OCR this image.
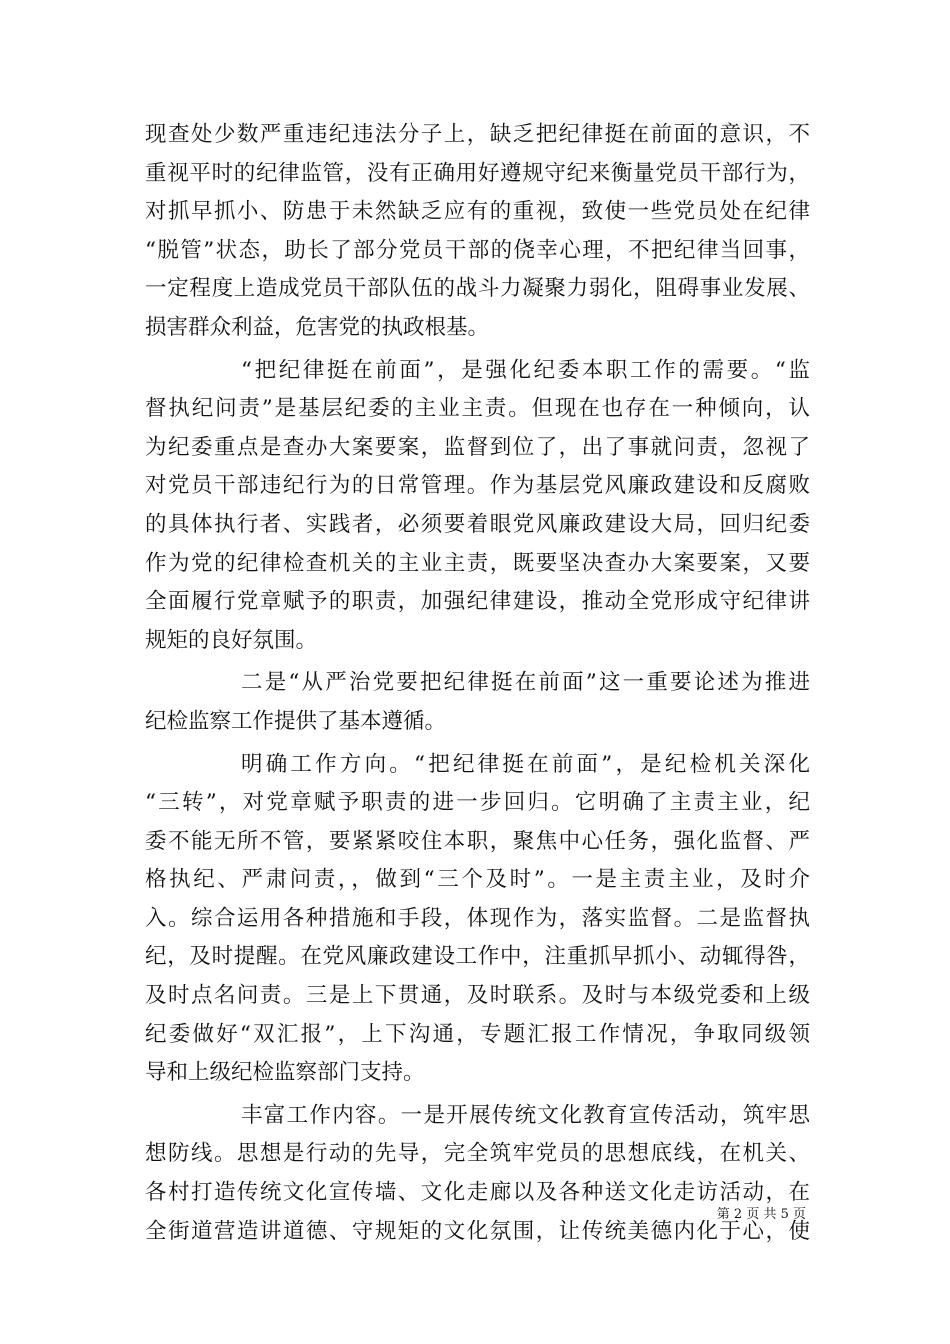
现查处少数严重违纪违法分子上，缺乏把纪律挺在前面的意识，不
重视平时的纪律监管，没有正确用好遵规守纪来衡量党员干部行为，
对抓早抓小、防患于未然缺乏应有的重视，致使一些党员处在纪律
“脱管”状态，助长了部分党员干部的侥幸心理，不把纪律当回事，
一定程度上造成党员干部队伍的战斗力凝聚力弱化，阻碍事业发展、
损害群众利益，危害党的执政根基。
“把纪律挺在前面”，是强化纪委本职工作的需要。“监
督执纪问责”是基层纪委的主业主责。但现在也存在一种倾向，认
为纪委重点是查办大案要案，监督到位了，出了事就问责，忽视了
对党员干部违纪行为的日常管理。作为基层党风廉政建设和反腐败
的具体执行者、实践者，必须要着眼党风廉政建设大局，回归纪委
作为党的纪律检查机关的主业主责，既要坚决查办大案要案，又要
全面履行党章赋予的职责，加强纪律建设，推动全党形成守纪律讲
规矩的良好氛围。
二是“从严治党要把纪律挺在前面”这一重要论述为推进
纪检监察工作提供了基本遵循。
明确工作方向。“把纪律挺在前面”，是纪检机关深化
“三转”，对党章赋予职责的进一步回归。它明确了主责主业，纪
委不能无所不管，要紧紧咬住本职，聚焦中心任务，强化监督、严
格执纪、严肃问责，，做到“三个及时”。一是主责主业，及时介
入。综合运用各种措施和手段，体现作为，落实监督。二是监督执
纪，及时提醒。在党风廉政建设工作中，注重抓早抓小、动辄得咎，
及时点名问责。三是上下贯通，及时联系。及时与本级党委和上级
纪委做好“双汇报”，上下沟通，专题汇报工作情况，争取同级领
导和上级纪检监察部门支持。
丰富工作内容。一是开展传统文化教育宣传活动，筑牢思
想防线。思想是行动的先导，完全筑牢党员的思想底线，在机关、
各村打造传统文化宣传墙、文化走廊以及各种送文化走访活动，在
全街道营造讲道德、守规矩的文化氛围，让传统美德内化于心，使
第 2 页 共 5 页
